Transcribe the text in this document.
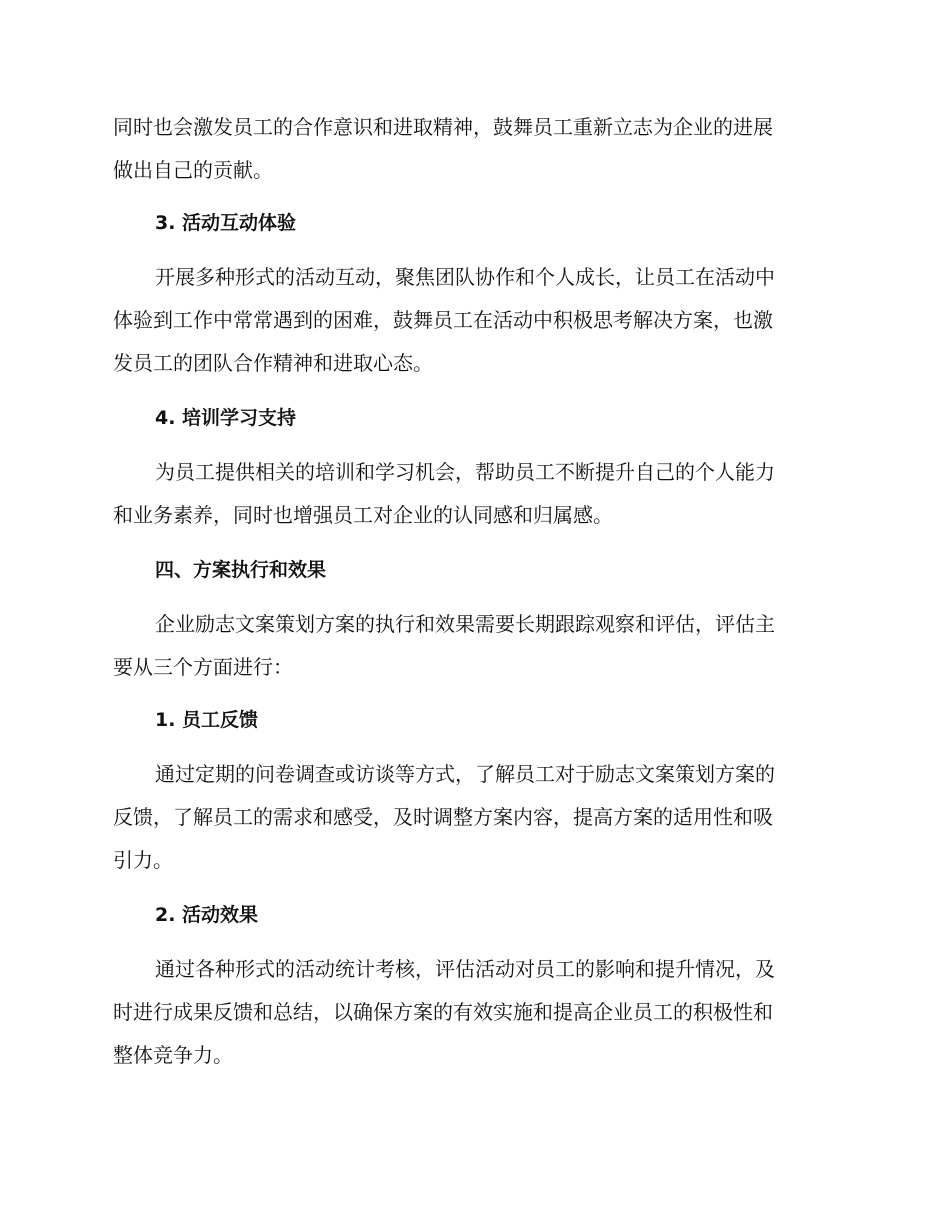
同时也会激发员工的合作意识和进取精神，鼓舞员工重新立志为企业的进展
做出自己的贡献。

3. 活动互动体验

开展多种形式的活动互动，聚焦团队协作和个人成长，让员工在活动中
体验到工作中常常遇到的困难，鼓舞员工在活动中积极思考解决方案，也激
发员工的团队合作精神和进取心态。

4. 培训学习支持

为员工提供相关的培训和学习机会，帮助员工不断提升自己的个人能力
和业务素养，同时也增强员工对企业的认同感和归属感。

四、方案执行和效果

企业励志文案策划方案的执行和效果需要长期跟踪观察和评估，评估主
要从三个方面进行：

1. 员工反馈

通过定期的问卷调查或访谈等方式，了解员工对于励志文案策划方案的
反馈，了解员工的需求和感受，及时调整方案内容，提高方案的适用性和吸
引力。

2. 活动效果

通过各种形式的活动统计考核，评估活动对员工的影响和提升情况，及
时进行成果反馈和总结，以确保方案的有效实施和提高企业员工的积极性和
整体竞争力。
